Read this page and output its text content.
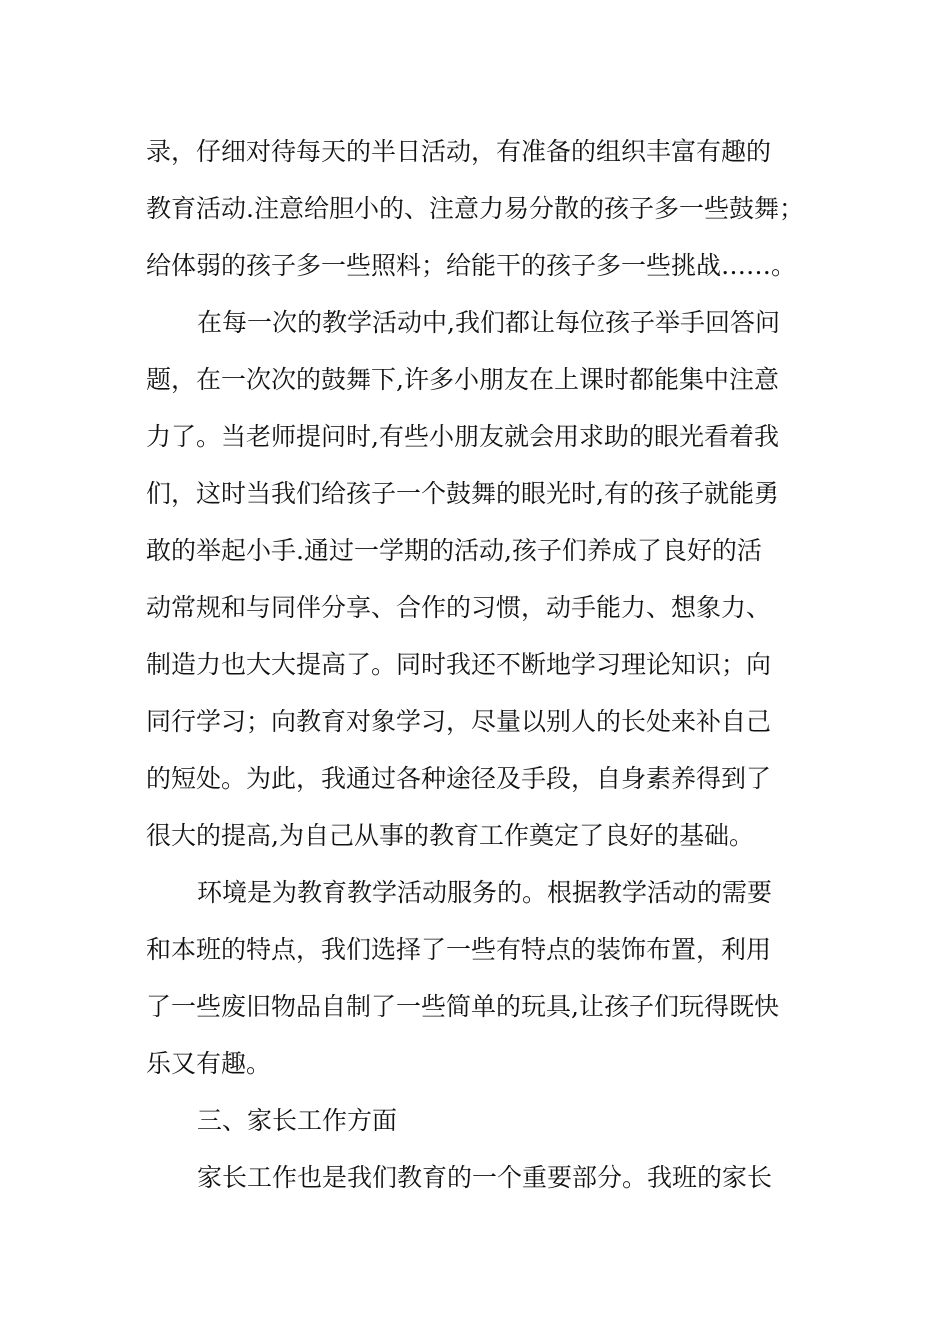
录，仔细对待每天的半日活动，有准备的组织丰富有趣的
教育活动.注意给胆小的、注意力易分散的孩子多一些鼓舞；
给体弱的孩子多一些照料；给能干的孩子多一些挑战……。
在每一次的教学活动中,我们都让每位孩子举手回答问
题，在一次次的鼓舞下,许多小朋友在上课时都能集中注意
力了。当老师提问时,有些小朋友就会用求助的眼光看着我
们，这时当我们给孩子一个鼓舞的眼光时,有的孩子就能勇
敢的举起小手.通过一学期的活动,孩子们养成了良好的活
动常规和与同伴分享、合作的习惯，动手能力、想象力、
制造力也大大提高了。同时我还不断地学习理论知识；向
同行学习；向教育对象学习，尽量以别人的长处来补自己
的短处。为此，我通过各种途径及手段，自身素养得到了
很大的提高,为自己从事的教育工作奠定了良好的基础。
环境是为教育教学活动服务的。根据教学活动的需要
和本班的特点，我们选择了一些有特点的装饰布置，利用
了一些废旧物品自制了一些简单的玩具,让孩子们玩得既快
乐又有趣。
三、家长工作方面
家长工作也是我们教育的一个重要部分。我班的家长
